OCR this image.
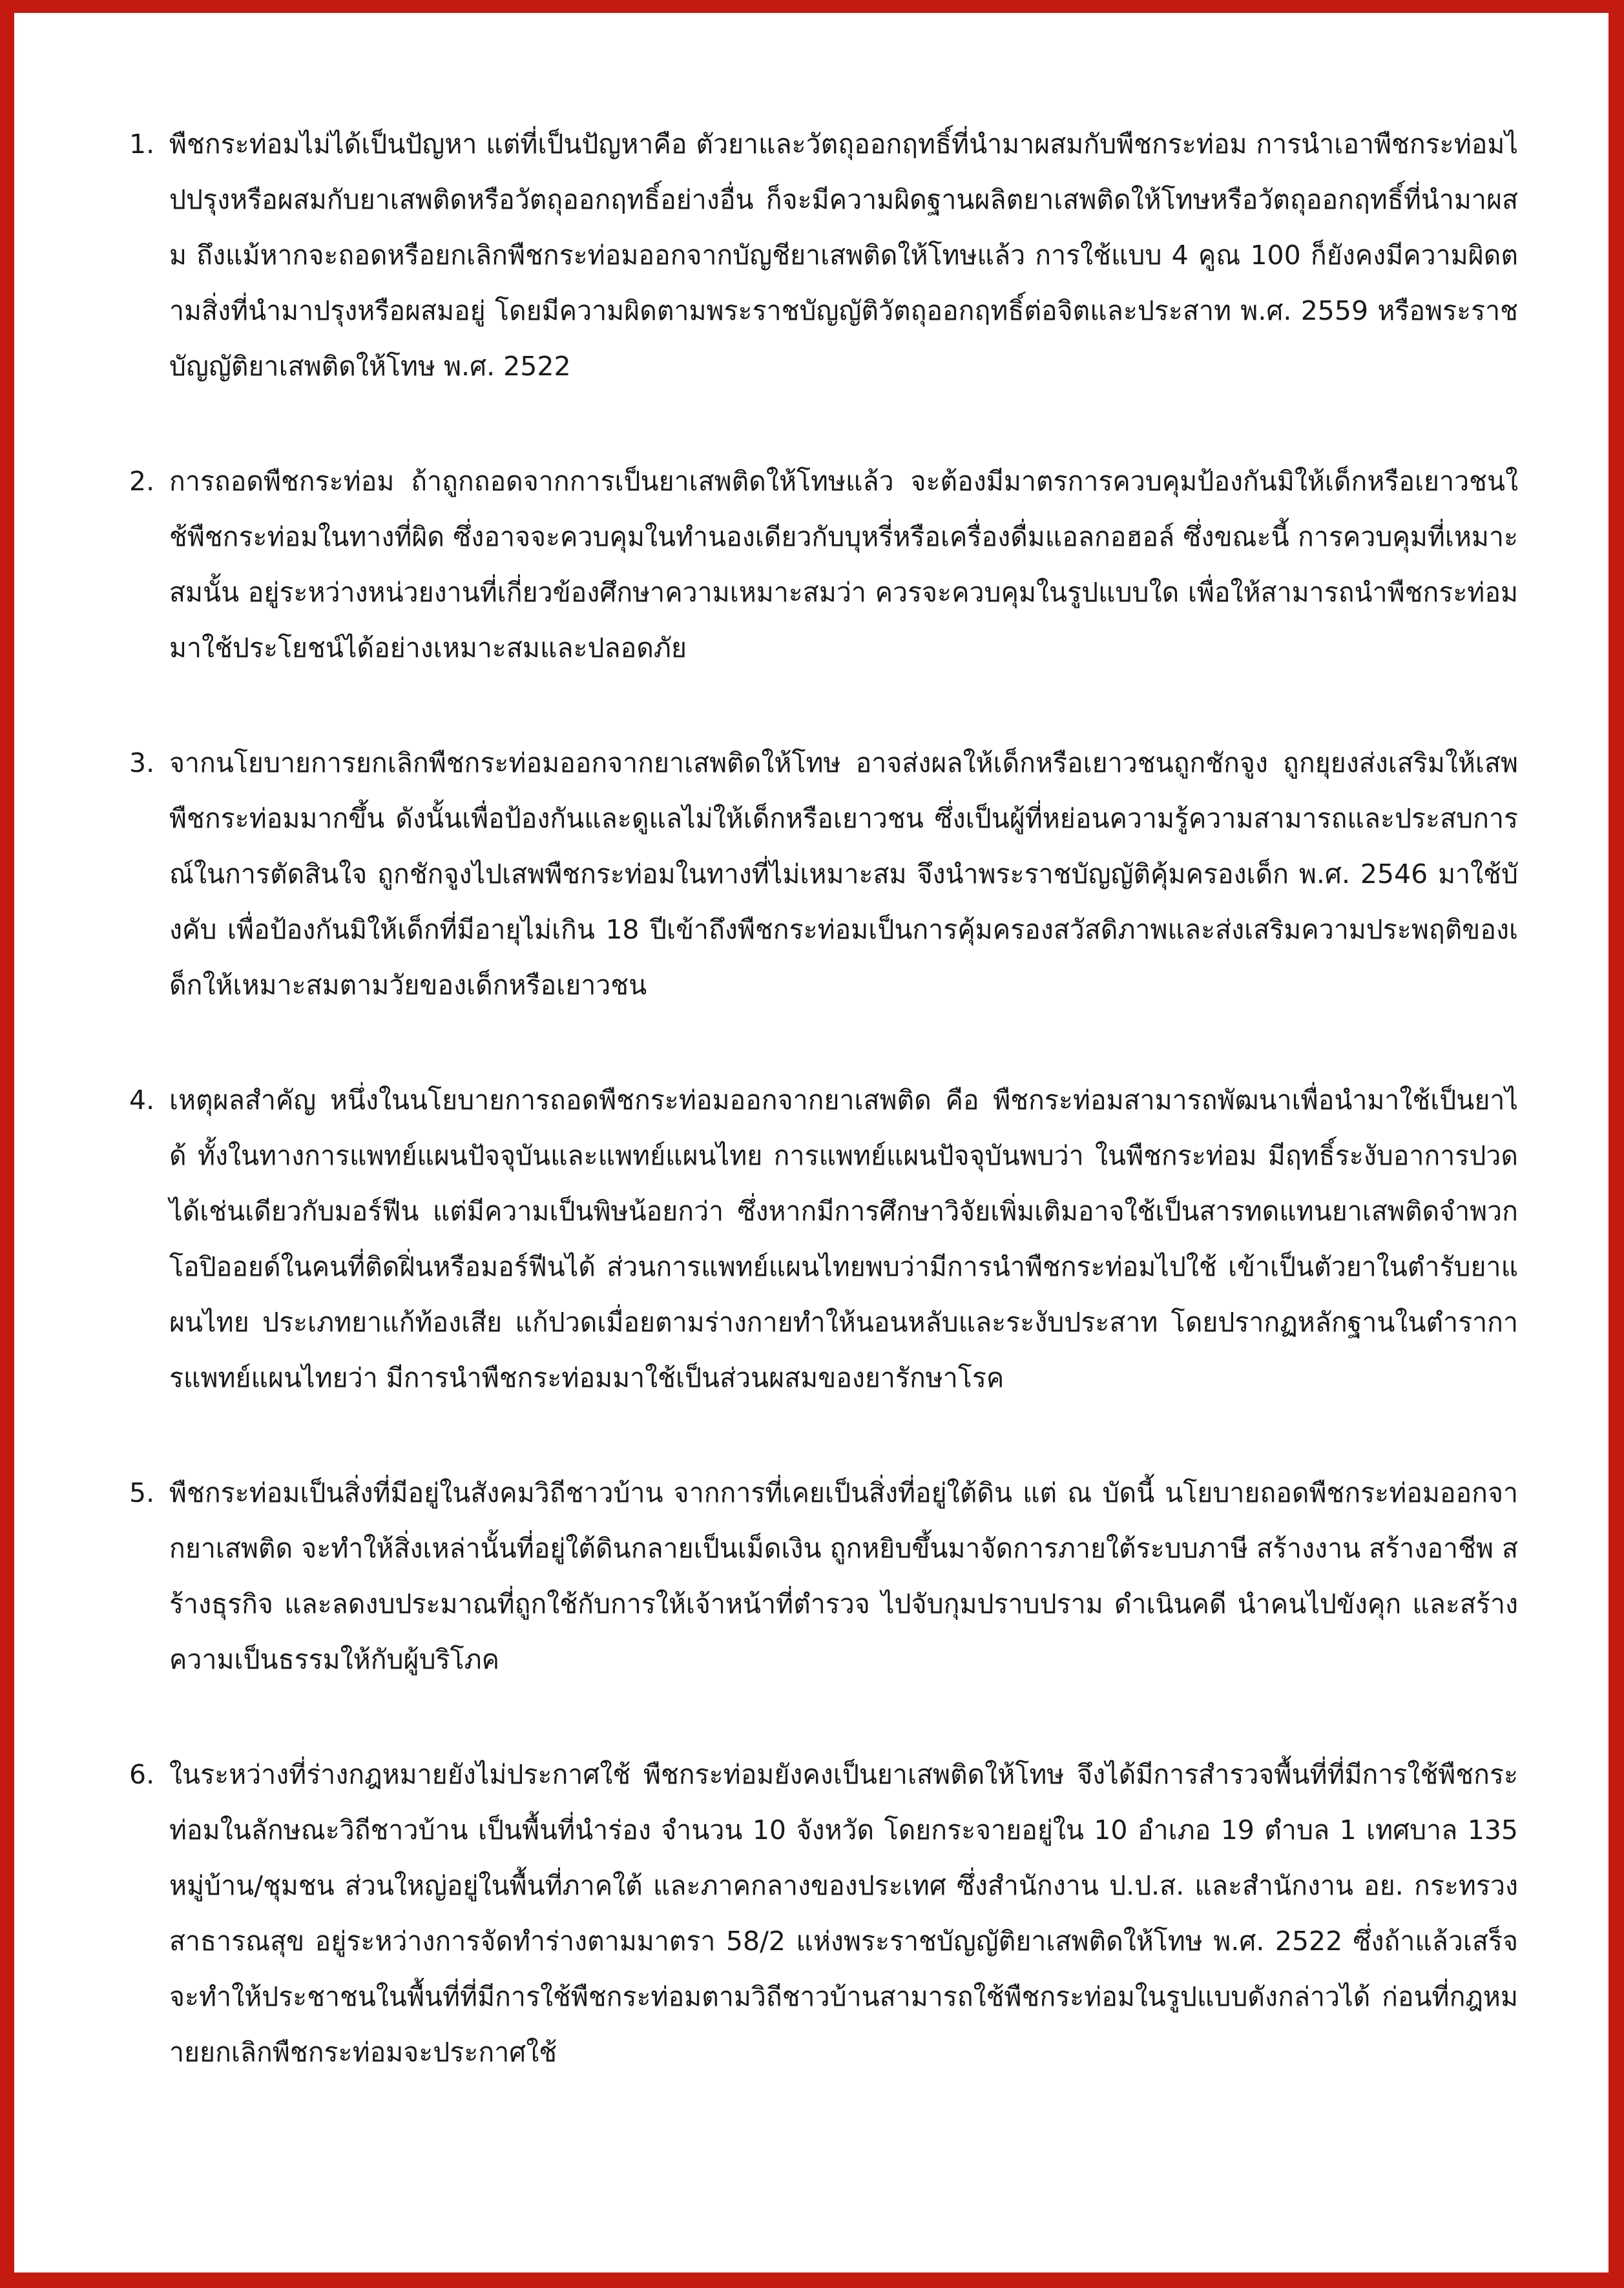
1. พืชกระท่อมไม่ได้เป็นปัญหา แต่ที่เป็นปัญหาคือ ตัวยาและวัตถุออกฤทธิ์ที่นำมาผสมกับพืชกระท่อม การนำเอาพืชกระท่อมไปปรุงหรือผสมกับยาเสพติดหรือวัตถุออกฤทธิ์อย่างอื่น ก็จะมีความผิดฐานผลิตยาเสพติดให้โทษหรือวัตถุออกฤทธิ์ที่นำมาผสม ถึงแม้หากจะถอดหรือยกเลิกพืชกระท่อมออกจากบัญชียาเสพติดให้โทษแล้ว การใช้แบบ 4 คูณ 100 ก็ยังคงมีความผิดตามสิ่งที่นำมาปรุงหรือผสมอยู่ โดยมีความผิดตามพระราชบัญญัติวัตถุออกฤทธิ์ต่อจิตและประสาท พ.ศ. 2559 หรือพระราชบัญญัติยาเสพติดให้โทษ พ.ศ. 2522
2. การถอดพืชกระท่อม ถ้าถูกถอดจากการเป็นยาเสพติดให้โทษแล้ว จะต้องมีมาตรการควบคุมป้องกันมิให้เด็กหรือเยาวชนใช้พืชกระท่อมในทางที่ผิด ซึ่งอาจจะควบคุมในทำนองเดียวกับบุหรี่หรือเครื่องดื่มแอลกอฮอล์ ซึ่งขณะนี้ การควบคุมที่เหมาะสมนั้น อยู่ระหว่างหน่วยงานที่เกี่ยวข้องศึกษาความเหมาะสมว่า ควรจะควบคุมในรูปแบบใด เพื่อให้สามารถนำพืชกระท่อมมาใช้ประโยชน์ได้อย่างเหมาะสมและปลอดภัย
3. จากนโยบายการยกเลิกพืชกระท่อมออกจากยาเสพติดให้โทษ อาจส่งผลให้เด็กหรือเยาวชนถูกชักจูง ถูกยุยงส่งเสริมให้เสพพืชกระท่อมมากขึ้น ดังนั้นเพื่อป้องกันและดูแลไม่ให้เด็กหรือเยาวชน ซึ่งเป็นผู้ที่หย่อนความรู้ความสามารถและประสบการณ์ในการตัดสินใจ ถูกชักจูงไปเสพพืชกระท่อมในทางที่ไม่เหมาะสม จึงนำพระราชบัญญัติคุ้มครองเด็ก พ.ศ. 2546 มาใช้บังคับ เพื่อป้องกันมิให้เด็กที่มีอายุไม่เกิน 18 ปีเข้าถึงพืชกระท่อมเป็นการคุ้มครองสวัสดิภาพและส่งเสริมความประพฤติของเด็กให้เหมาะสมตามวัยของเด็กหรือเยาวชน
4. เหตุผลสำคัญ หนึ่งในนโยบายการถอดพืชกระท่อมออกจากยาเสพติด คือ พืชกระท่อมสามารถพัฒนาเพื่อนำมาใช้เป็นยาได้ ทั้งในทางการแพทย์แผนปัจจุบันและแพทย์แผนไทย การแพทย์แผนปัจจุบันพบว่า ในพืชกระท่อม มีฤทธิ์ระงับอาการปวดได้เช่นเดียวกับมอร์ฟีน แต่มีความเป็นพิษน้อยกว่า ซึ่งหากมีการศึกษาวิจัยเพิ่มเติมอาจใช้เป็นสารทดแทนยาเสพติดจำพวกโอปิออยด์ในคนที่ติดฝิ่นหรือมอร์ฟีนได้ ส่วนการแพทย์แผนไทยพบว่ามีการนำพืชกระท่อมไปใช้ เข้าเป็นตัวยาในตำรับยาแผนไทย ประเภทยาแก้ท้องเสีย แก้ปวดเมื่อยตามร่างกายทำให้นอนหลับและระงับประสาท โดยปรากฏหลักฐานในตำราการแพทย์แผนไทยว่า มีการนำพืชกระท่อมมาใช้เป็นส่วนผสมของยารักษาโรค
5. พืชกระท่อมเป็นสิ่งที่มีอยู่ในสังคมวิถีชาวบ้าน จากการที่เคยเป็นสิ่งที่อยู่ใต้ดิน แต่ ณ บัดนี้ นโยบายถอดพืชกระท่อมออกจากยาเสพติด จะทำให้สิ่งเหล่านั้นที่อยู่ใต้ดินกลายเป็นเม็ดเงิน ถูกหยิบขึ้นมาจัดการภายใต้ระบบภาษี สร้างงาน สร้างอาชีพ สร้างธุรกิจ และลดงบประมาณที่ถูกใช้กับการให้เจ้าหน้าที่ตำรวจ ไปจับกุมปราบปราม ดำเนินคดี นำคนไปขังคุก และสร้างความเป็นธรรมให้กับผู้บริโภค
6. ในระหว่างที่ร่างกฎหมายยังไม่ประกาศใช้ พืชกระท่อมยังคงเป็นยาเสพติดให้โทษ จึงได้มีการสำรวจพื้นที่ที่มีการใช้พืชกระท่อมในลักษณะวิถีชาวบ้าน เป็นพื้นที่นำร่อง จำนวน 10 จังหวัด โดยกระจายอยู่ใน 10 อำเภอ 19 ตำบล 1 เทศบาล 135 หมู่บ้าน/ชุมชน ส่วนใหญ่อยู่ในพื้นที่ภาคใต้ และภาคกลางของประเทศ ซึ่งสำนักงาน ป.ป.ส. และสำนักงาน อย. กระทรวงสาธารณสุข อยู่ระหว่างการจัดทำร่างตามมาตรา 58/2 แห่งพระราชบัญญัติยาเสพติดให้โทษ พ.ศ. 2522 ซึ่งถ้าแล้วเสร็จจะทำให้ประชาชนในพื้นที่ที่มีการใช้พืชกระท่อมตามวิถีชาวบ้านสามารถใช้พืชกระท่อมในรูปแบบดังกล่าวได้ ก่อนที่กฎหมายยกเลิกพืชกระท่อมจะประกาศใช้
